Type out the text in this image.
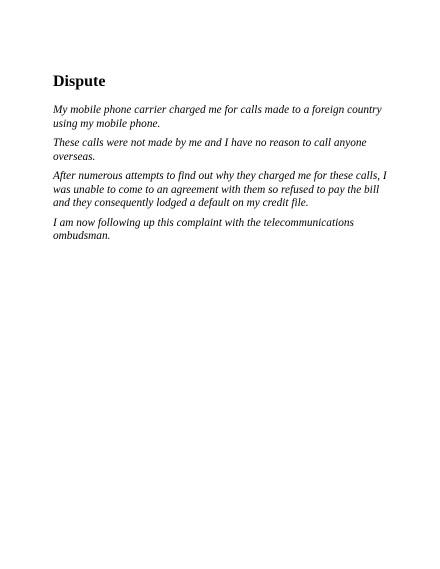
Dispute

My mobile phone carrier charged me for calls made to a foreign country
using my mobile phone.

These calls were not made by me and I have no reason to call anyone
overseas.

After numerous attempts to find out why they charged me for these calls, I
was unable to come to an agreement with them so refused to pay the bill
and they consequently lodged a default on my credit file.

I am now following up this complaint with the telecommunications
ombudsman.
